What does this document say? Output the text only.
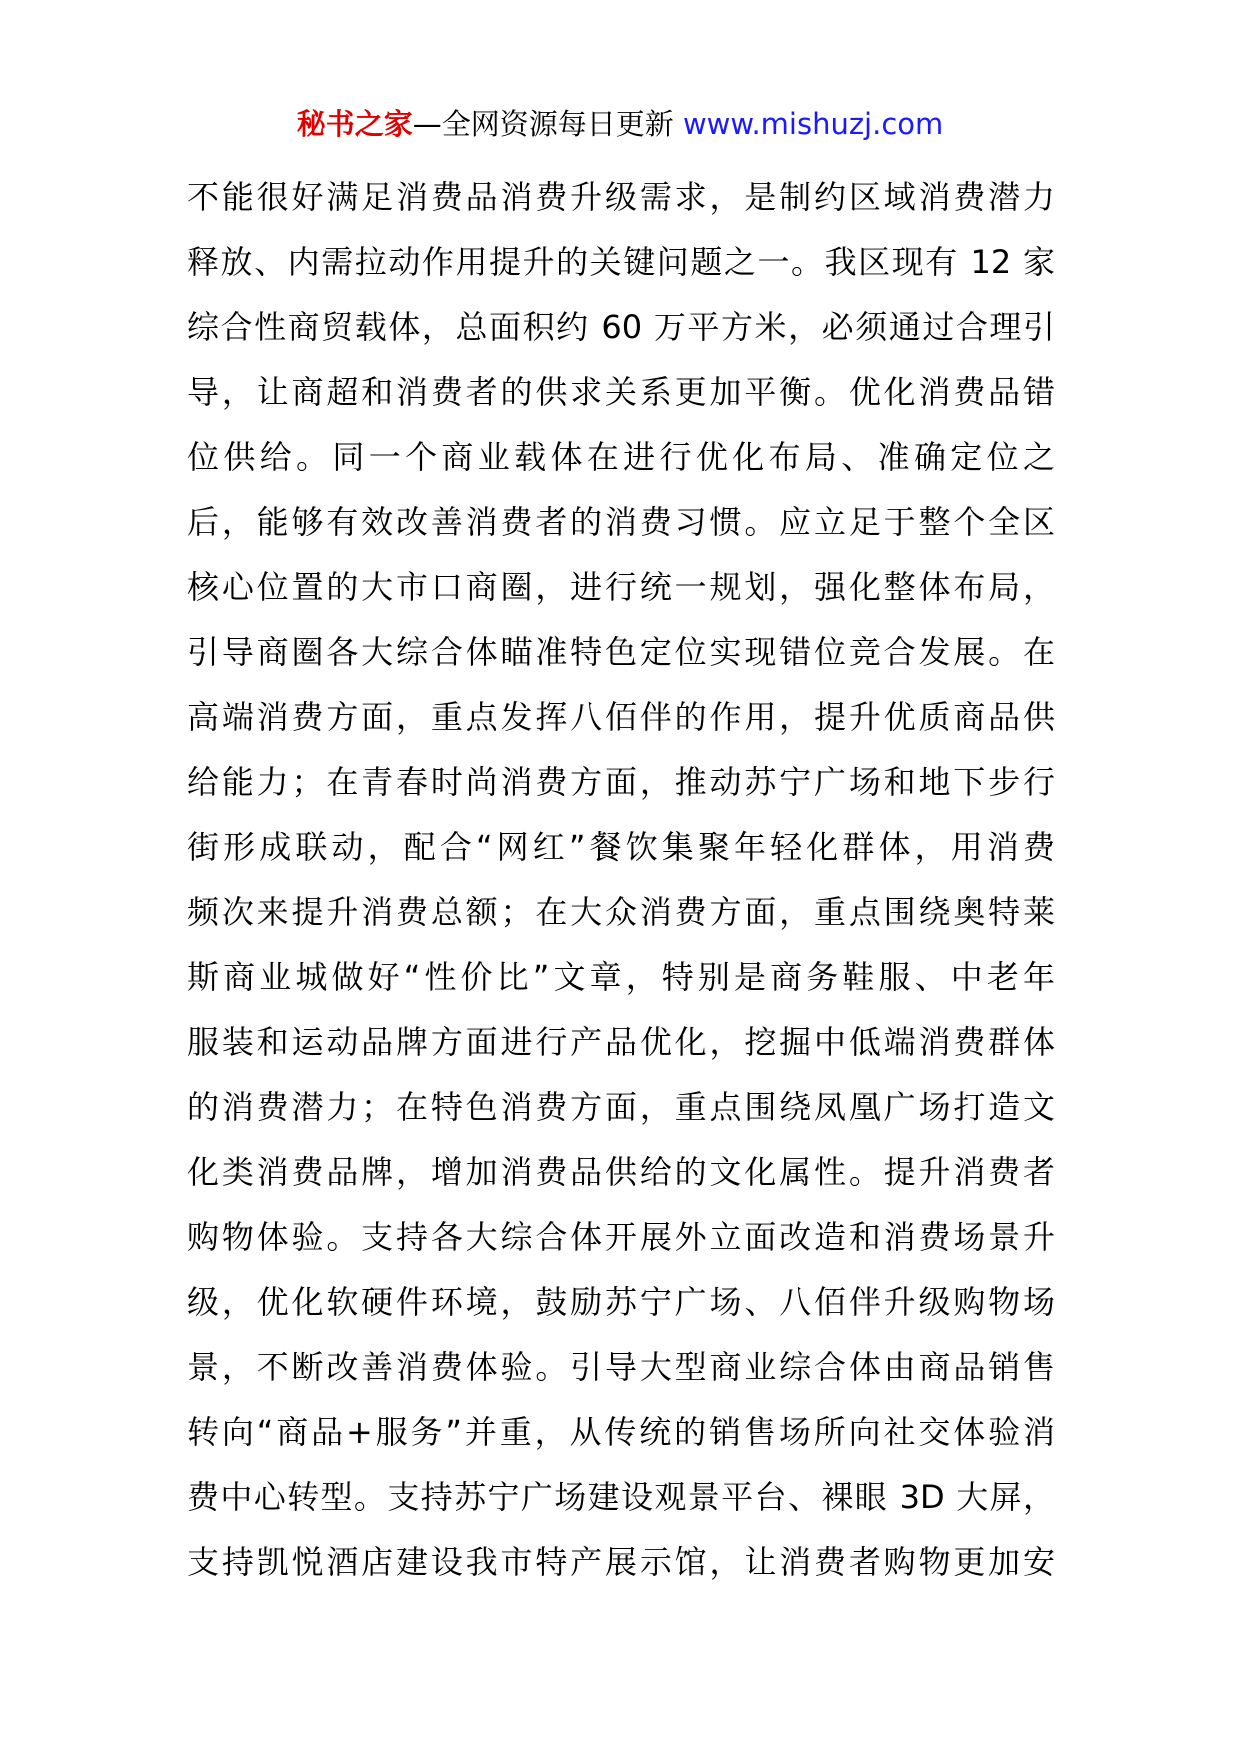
秘书之家—全网资源每日更新 www.mishuzj.com
不能很好满足消费品消费升级需求，是制约区域消费潜力
释放、内需拉动作用提升的关键问题之一。我区现有 12 家
综合性商贸载体，总面积约 60 万平方米，必须通过合理引
导，让商超和消费者的供求关系更加平衡。优化消费品错
位供给。同一个商业载体在进行优化布局、准确定位之
后，能够有效改善消费者的消费习惯。应立足于整个全区
核心位置的大市口商圈，进行统一规划，强化整体布局，
引导商圈各大综合体瞄准特色定位实现错位竞合发展。在
高端消费方面，重点发挥八佰伴的作用，提升优质商品供
给能力；在青春时尚消费方面，推动苏宁广场和地下步行
街形成联动，配合“网红”餐饮集聚年轻化群体，用消费
频次来提升消费总额；在大众消费方面，重点围绕奥特莱
斯商业城做好“性价比”文章，特别是商务鞋服、中老年
服装和运动品牌方面进行产品优化，挖掘中低端消费群体
的消费潜力；在特色消费方面，重点围绕凤凰广场打造文
化类消费品牌，增加消费品供给的文化属性。提升消费者
购物体验。支持各大综合体开展外立面改造和消费场景升
级，优化软硬件环境，鼓励苏宁广场、八佰伴升级购物场
景，不断改善消费体验。引导大型商业综合体由商品销售
转向“商品+服务”并重，从传统的销售场所向社交体验消
费中心转型。支持苏宁广场建设观景平台、裸眼 3D 大屏，
支持凯悦酒店建设我市特产展示馆，让消费者购物更加安
